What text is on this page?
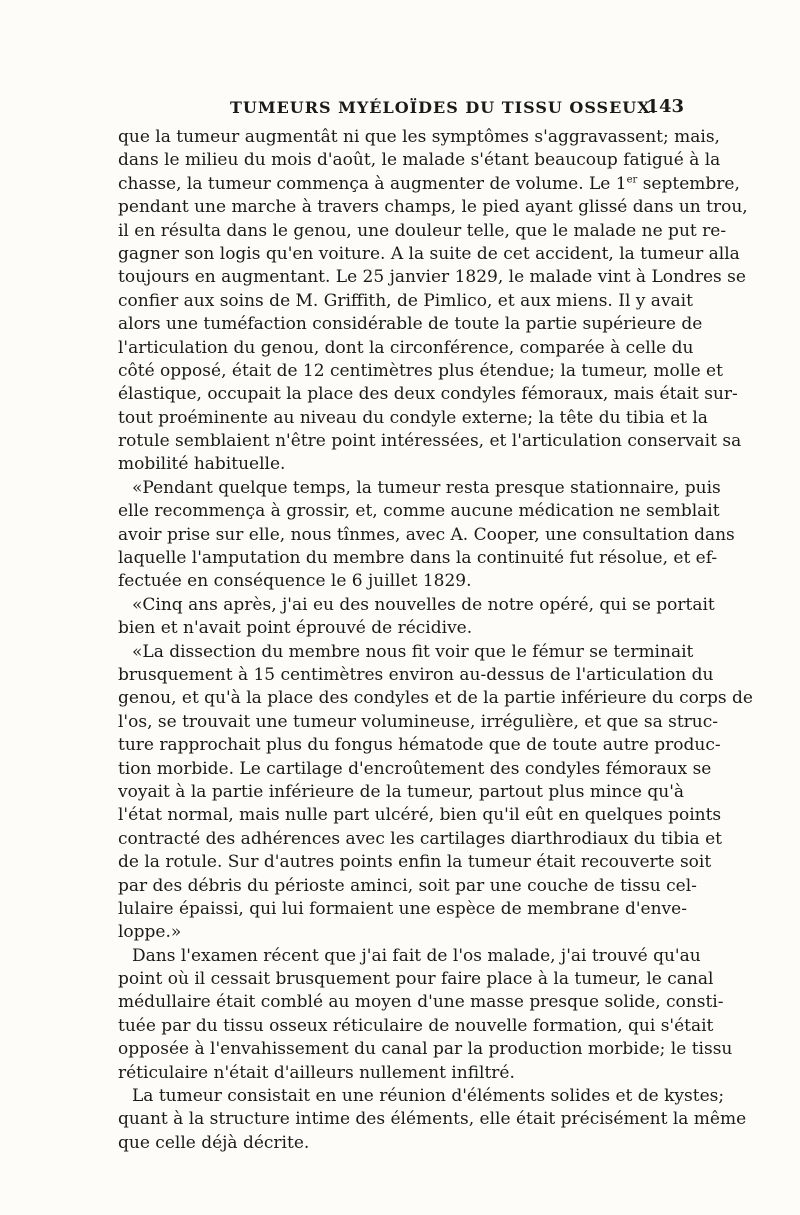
TUMEURS MYÉLOÏDES DU TISSU OSSEUX.
143
que la tumeur augmentât ni que les symptômes s'aggravassent; mais,
dans le milieu du mois d'août, le malade s'étant beaucoup fatigué à la
chasse, la tumeur commença à augmenter de volume. Le 1er septembre,
pendant une marche à travers champs, le pied ayant glissé dans un trou,
il en résulta dans le genou, une douleur telle, que le malade ne put re-
gagner son logis qu'en voiture. A la suite de cet accident, la tumeur alla
toujours en augmentant. Le 25 janvier 1829, le malade vint à Londres se
confier aux soins de M. Griffith, de Pimlico, et aux miens. Il y avait
alors une tuméfaction considérable de toute la partie supérieure de
l'articulation du genou, dont la circonférence, comparée à celle du
côté opposé, était de 12 centimètres plus étendue; la tumeur, molle et
élastique, occupait la place des deux condyles fémoraux, mais était sur-
tout proéminente au niveau du condyle externe; la tête du tibia et la
rotule semblaient n'être point intéressées, et l'articulation conservait sa
mobilité habituelle.
«Pendant quelque temps, la tumeur resta presque stationnaire, puis
elle recommença à grossir, et, comme aucune médication ne semblait
avoir prise sur elle, nous tînmes, avec A. Cooper, une consultation dans
laquelle l'amputation du membre dans la continuité fut résolue, et ef-
fectuée en conséquence le 6 juillet 1829.
«Cinq ans après, j'ai eu des nouvelles de notre opéré, qui se portait
bien et n'avait point éprouvé de récidive.
«La dissection du membre nous fit voir que le fémur se terminait
brusquement à 15 centimètres environ au-dessus de l'articulation du
genou, et qu'à la place des condyles et de la partie inférieure du corps de
l'os, se trouvait une tumeur volumineuse, irrégulière, et que sa struc-
ture rapprochait plus du fongus hématode que de toute autre produc-
tion morbide. Le cartilage d'encroûtement des condyles fémoraux se
voyait à la partie inférieure de la tumeur, partout plus mince qu'à
l'état normal, mais nulle part ulcéré, bien qu'il eût en quelques points
contracté des adhérences avec les cartilages diarthrodiaux du tibia et
de la rotule. Sur d'autres points enfin la tumeur était recouverte soit
par des débris du périoste aminci, soit par une couche de tissu cel-
lulaire épaissi, qui lui formaient une espèce de membrane d'enve-
loppe.»
Dans l'examen récent que j'ai fait de l'os malade, j'ai trouvé qu'au
point où il cessait brusquement pour faire place à la tumeur, le canal
médullaire était comblé au moyen d'une masse presque solide, consti-
tuée par du tissu osseux réticulaire de nouvelle formation, qui s'était
opposée à l'envahissement du canal par la production morbide; le tissu
réticulaire n'était d'ailleurs nullement infiltré.
La tumeur consistait en une réunion d'éléments solides et de kystes;
quant à la structure intime des éléments, elle était précisément la même
que celle déjà décrite.
